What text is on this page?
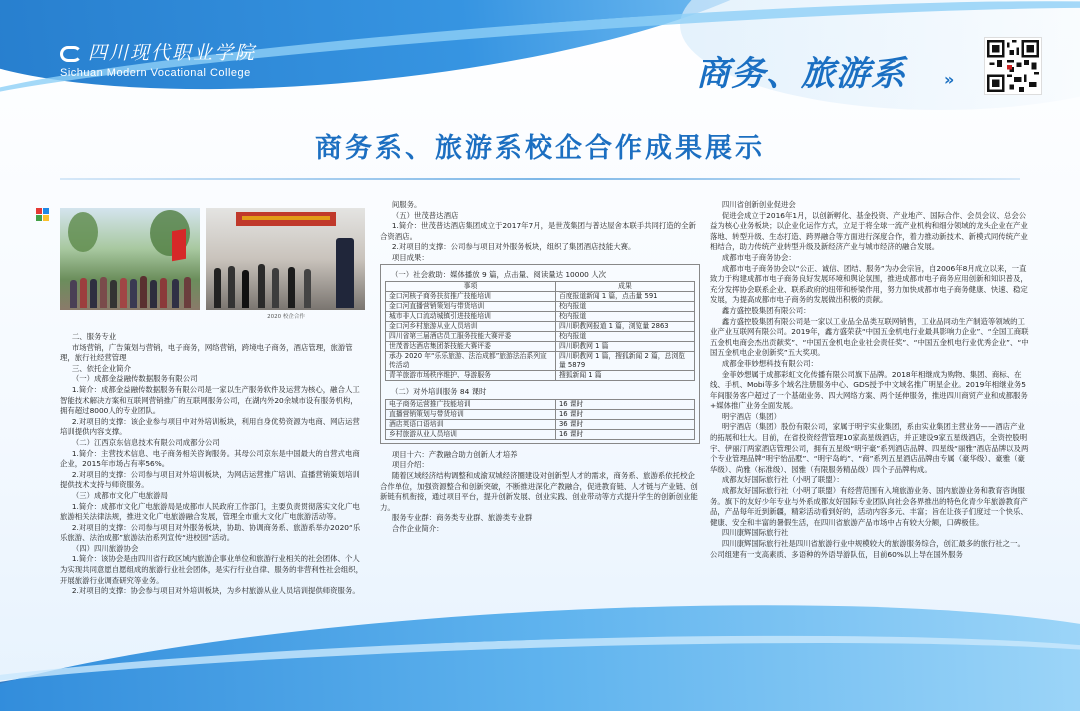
四川现代职业学院
Sichuan Modern Vocational College	商务、旅游系 »
商务系、旅游系校企合作成果展示
2020 校企合作

二、服务专业

市场营销，广告策划与营销，电子商务，网络营销，跨境电子商务，酒店管理，旅游管理，旅行社经营管理

三、依托企业简介

（一）成都金益融传数据服务有限公司

1.简介：成都金益融传数据服务有限公司是一家以生产服务软件及运营为核心，融合人工智能技术解决方案和互联网营销推广的互联网服务公司，在湖内外20余城市设有服务机构，拥有超过8000人的专业团队。

2.对项目的支撑：该企业参与项目中对外培训板块，利用自身优势资源为电商、网店运营培训提供内容支撑。

（二）江西京东信息技术有限公司成都分公司

1.简介：主营技术信息、电子商务相关咨询服务。其母公司京东是中国最大的自营式电商企业，2015年市场占有率56%。

2.对项目的支撑：公司参与项目对外培训板块，为网店运营推广培训、直播营销策划培训提供技术支持与师资服务。

（三）成都市文化广电旅游局

1.简介：成都市文化广电旅游局是成都市人民政府工作部门，主要负责贯彻落实文化广电旅游相关法律法规，推进文化广电旅游融合发展，管理全市重大文化广电旅游活动等。

2.对项目的支撑：公司参与项目对外服务板块，协助、协调商务系、旅游系举办2020“乐乐旅游、法治成都”旅游法治系列宣传“进校园”活动。

（四）四川旅游协会

1.简介：该协会是由四川省行政区域内旅游企事业单位和旅游行业相关的社会团体、个人为实现共同意愿自愿组成的旅游行业社会团体，是实行行业自律、服务的非营利性社会组织，开展旅游行业调查研究等业务。

2.对项目的支撑：协会参与项目对外培训板块，为乡村旅游从业人员培训提供师资服务。

间服务。

（五）世茂普达酒店

1.简介：世茂普达酒店集团成立于2017年7月，是世茂集团与普达屋舍本联手共同打造的全新合资酒店。

2.对项目的支撑：公司参与项目对外服务板块，组织了集团酒店技能大赛。

项目成果：

（一）社会救助：媒体播放 9 篇，点击量、阅读量达 10000 人次
事项	成果
金口河核子商务扶贫推广技能培训	百度报道新闻 1 篇，点击量 591
金口河直播营销策划与带货培训	校内报道
城市非人口流动城镇引进技能培训	校内报道
金口河乡村旅游从业人员培训	四川职教网报道 1 篇，浏览量 2863
四川省第三届酒店员工服务技能大赛评委	校内报道
世茂普达酒店集团茶技能大赛评委	四川职教网 1 篇
承办 2020 年“乐乐旅游、法治成都”旅游法治系列宣传活动	四川职教网 1 篇，搜狐新闻 2 篇，总浏览量 5879
青羊旅游市场秩序维护、导游服务	搜狐新闻 1 篇
（二）对外培训服务 84 课时
电子商务运营推广技能培训	16 课时
直播营销策划与带货培训	16 课时
酒店英语口语培训	36 课时
乡村旅游从业人员培训	16 课时

项目十六：产教融合助力创新人才培养

项目介绍：

随着区域经济结构调整和成渝双城经济圈建设对创新型人才的需求，商务系、旅游系依托校企合作单位，加强资源整合和创新突破，不断推进深化产教融合，促进教育链、人才链与产业链、创新链有机衔接，通过项目平台，提升创新发展、创业实践、创业带动等方式提升学生的创新创业能力。

服务专业群：商务类专业群、旅游类专业群

合作企业简介：

四川省创新创业促进会

促进会成立于2016年1月，以创新孵化、基金投资、产业地产、国际合作、会员会议、总会公益为核心业务板块；以企业化运作方式，立足于将全球一流产业机构和细分领域的龙头企业在产业落地、转型升级、生态打造、跨界融合等方面进行深度合作，着力推动新技术、新模式同传统产业相结合，助力传统产业转型升级及新经济产业与城市经济的融合发展。

成都市电子商务协会：

成都市电子商务协会以“公正、诚信、团结、服务”为办会宗旨，自2006年8月成立以来，一直致力于构建成都市电子商务良好发展环境和舆论氛围，推进成都市电子商务应用创新和知识普及，充分发挥协会联系企业、联系政府的纽带和桥梁作用，努力加快成都市电子商务健康、快速、稳定发展，为提高成都市电子商务的发展做出积极的贡献。

鑫方盛控股集团有限公司：

鑫方盛控股集团有限公司是一家以工业品全品类互联网销售，工业品同动生产制造等领域的工业产业互联网有限公司。2019年，鑫方盛荣获“中国五金机电行业最具影响力企业”、“全国工商联五金机电商会杰出贡献奖”、“中国五金机电企业社会责任奖”、“中国五金机电行业优秀企业”、“中国五金机电企业创新奖”五大奖项。

成都金菲妙想科技有限公司：

金菲妙想属于成都彩虹文化传播有限公司旗下品牌。2018年相继成为购物、集团、商标、在线、手机、Mobi等多个域名注册服务中心、GDS授予中文域名推广明星企业。2019年相继业务5年间服务客户超过了一个基础业务、四大网络方案、两个延伸服务，推进四川商贸产业和成都服务+媒体推广业务全面发展。

明宇酒店（集团）

明宇酒店（集团）股份有限公司，家属于明宇实业集团，系由实业集团主营业务——酒店产业的拓展和壮大。目前，在省投资经营管理10家高星级酒店，并正建设9家五星级酒店，全资控股明宇、伊丽汀两家酒店管理公司，拥有五星级“明宇豪”系列酒店品牌、四星级“丽雅”酒店品牌以及两个专业管理品牌“明宇怡品墅”、“明宇岛屿”、“商”系列五星酒店品牌由专属（豪华级）、豪雅（豪华级）、尚雅（标准级）、园雅（有限服务精品级）四个子品牌构成。

成都友好国际旅行社（小明了联盟）：

成都友好国际旅行社（小明了联盟）有经营范围有入境旅游业务、国内旅游业务和教育咨询服务。旗下的友好少年专业与外系成都友好国际专业团队向社会各界推出的特色化青少年旅游教育产品，产品每年近到新疆，精彩活动看到好的，活动内容多元、丰富；旨在让孩子们度过一个快乐、健康、安全和丰富的暑假生活，在四川省旅游产品市场中占有较大分额，口碑极佳。

四川康辉国际旅行社

四川康辉国际旅行社是四川省旅游行业中规模较大的旅游服务综合，创汇最多的旅行社之一。公司组建有一支高素质、多语种的外语导游队伍，目前60%以上导在国外服务
